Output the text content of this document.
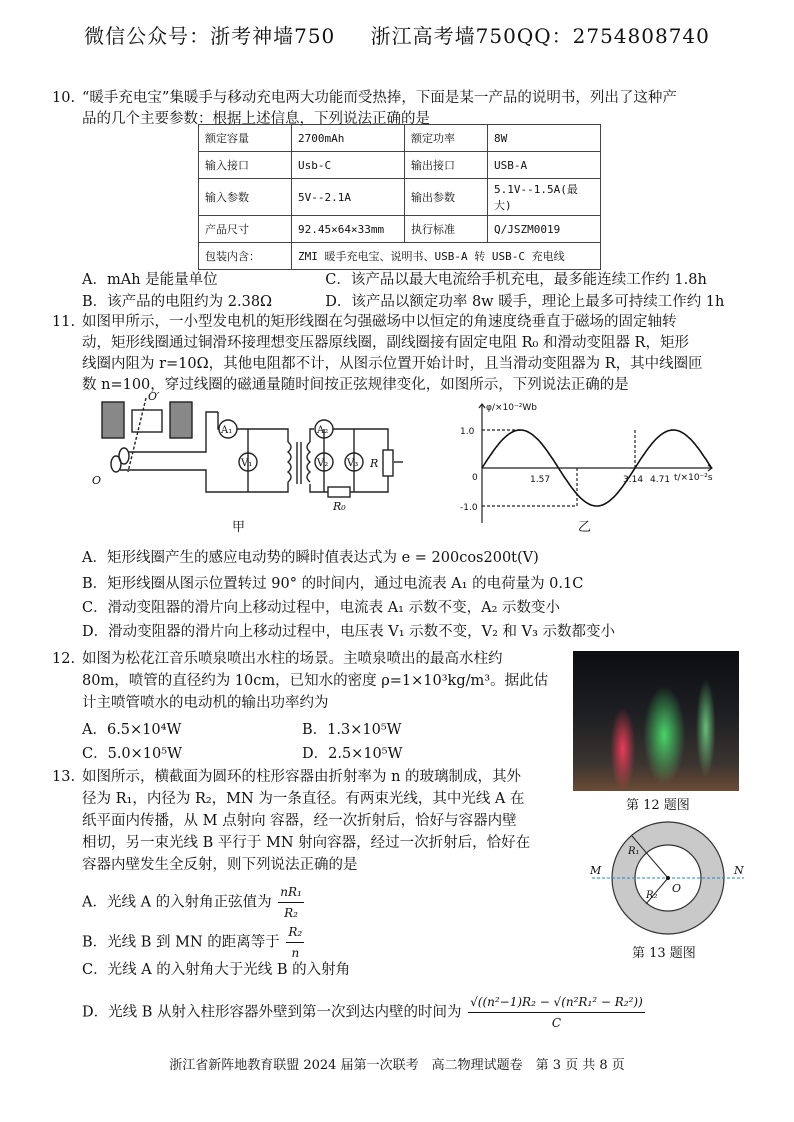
微信公众号：浙考神墙750 浙江高考墙750QQ：2754808740
10. “暖手充电宝”集暖手与移动充电两大功能而受热捧，下面是某一产品的说明书，列出了这种产
品的几个主要参数：根据上述信息，下列说法正确的是
额定容量	2700mAh	额定功率	8W
输入接口	Usb-C	输出接口	USB-A
输入参数	5V--2.1A	输出参数	5.1V--1.5A(最大)
产品尺寸	92.45×64×33mm	执行标准	Q/JSZM0019
包装内含：	ZMI 暖手充电宝、说明书、USB-A 转 USB-C 充电线		
A．mAh 是能量单位	C．该产品以最大电流给手机充电，最多能连续工作约 1.8h
B．该产品的电阻约为 2.38Ω	D．该产品以额定功率 8w 暖手，理论上最多可持续工作约 1h
11. 如图甲所示，一小型发电机的矩形线圈在匀强磁场中以恒定的角速度绕垂直于磁场的固定轴转
动，矩形线圈通过铜滑环接理想变压器原线圈，副线圈接有固定电阻 R₀ 和滑动变阻器 R，矩形
线圈内阻为 r=10Ω，其他电阻都不计，从图示位置开始计时，且当滑动变阻器为 R，其中线圈匝
数 n=100，穿过线圈的磁通量随时间按正弦规律变化，如图所示，下列说法正确的是
O
O′
A₁
V₁
A₂
V₂ V₃ R
R₀
甲
φ/×10⁻²Wb
1.0
-1.0
0	1.57	3.14 4.71 t/×10⁻²s
乙
A．矩形线圈产生的感应电动势的瞬时值表达式为 e = 200cos200t(V)
B．矩形线圈从图示位置转过 90° 的时间内，通过电流表 A₁ 的电荷量为 0.1C
C．滑动变阻器的滑片向上移动过程中，电流表 A₁ 示数不变，A₂ 示数变小
D．滑动变阻器的滑片向上移动过程中，电压表 V₁ 示数不变，V₂ 和 V₃ 示数都变小
12. 如图为松花江音乐喷泉喷出水柱的场景。主喷泉喷出的最高水柱约
80m，喷管的直径约为 10cm，已知水的密度 ρ=1×10³kg/m³。据此估
计主喷管喷水的电动机的输出功率约为
A．6.5×10⁴W	B．1.3×10⁵W
C．5.0×10⁵W	D．2.5×10⁵W
第 12 题图
13. 如图所示，横截面为圆环的柱形容器由折射率为 n 的玻璃制成，其外
径为 R₁，内径为 R₂，MN 为一条直径。有两束光线，其中光线 A 在
纸平面内传播，从 M 点射向 容器，经一次折射后，恰好与容器内壁
相切，另一束光线 B 平行于 MN 射向容器，经过一次折射后，恰好在
容器内壁发生全反射，则下列说法正确的是
A．光线 A 的入射角正弦值为 $\frac{\text{nR₁}}{\text{R₂}}$
B．光线 B 到 MN 的距离等于 $\frac{\text{R₂}}{n}$
C．光线 A 的入射角大于光线 B 的入射角
D．光线 B 从射入柱形容器外壁到第一次到达内壁的时间为 $\frac{\text{√((n²−1)R₂ − √(n²R₁² − R₂²))}}{C}$
M	N
O
R₁
R₂
第 13 题图
浙江省新阵地教育联盟 2024 届第一次联考　高二物理试题卷　第 3 页 共 8 页
